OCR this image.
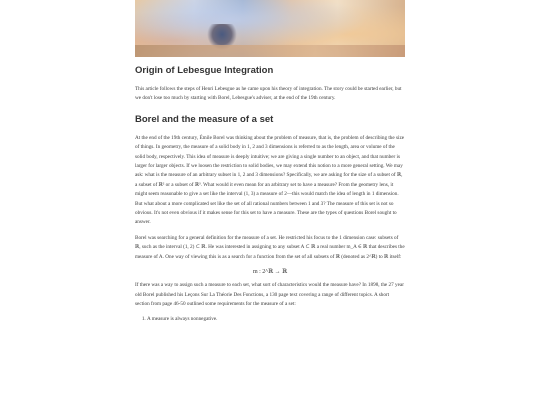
Origin of Lebesgue Integration

This article follows the steps of Henri Lebesgue as he came upon his theory of integration. The story could be started earlier, but we don't lose too much by starting with Borel, Lebesgue's adviser, at the end of the 19th century.

Borel and the measure of a set

At the end of the 19th century, Émile Borel was thinking about the problem of measure, that is, the problem of describing the size of things. In geometry, the measure of a solid body in 1, 2 and 3 dimensions is referred to as the length, area or volume of the solid body, respectively. This idea of measure is deeply intuitive; we are giving a single number to an object, and that number is larger for larger objects. If we loosen the restriction to solid bodies, we may extend this notion to a more general setting. We may ask: what is the measure of an arbitrary subset in 1, 2 and 3 dimensions? Specifically, we are asking for the size of a subset of ℝ, a subset of ℝ² or a subset of ℝ³. What would it even mean for an arbitrary set to have a measure? From the geometry lens, it might seem reasonable to give a set like the interval (1, 3) a measure of 2—this would match the idea of length in 1 dimension. But what about a more complicated set like the set of all rational numbers between 1 and 3? The measure of this set is not so obvious. It's not even obvious if it makes sense for this set to have a measure. These are the types of questions Borel sought to answer.

Borel was searching for a general definition for the measure of a set. He restricted his focus to the 1 dimension case: subsets of ℝ, such as the interval (1, 2) ⊂ ℝ. He was interested in assigning to any subset A ⊂ ℝ a real number m_A ∈ ℝ that describes the measure of A. One way of viewing this is as a search for a function from the set of all subsets of ℝ (denoted as 2^ℝ) to ℝ itself:

m : 2^ℝ → ℝ

If there was a way to assign such a measure to each set, what sort of characteristics would the measure have? In 1898, the 27 year old Borel published his Leçons Sur La Théorie Des Fonctions, a 130 page text covering a range of different topics. A short section from page 46-50 outlined some requirements for the measure of a set:

1. A measure is always nonnegative.
